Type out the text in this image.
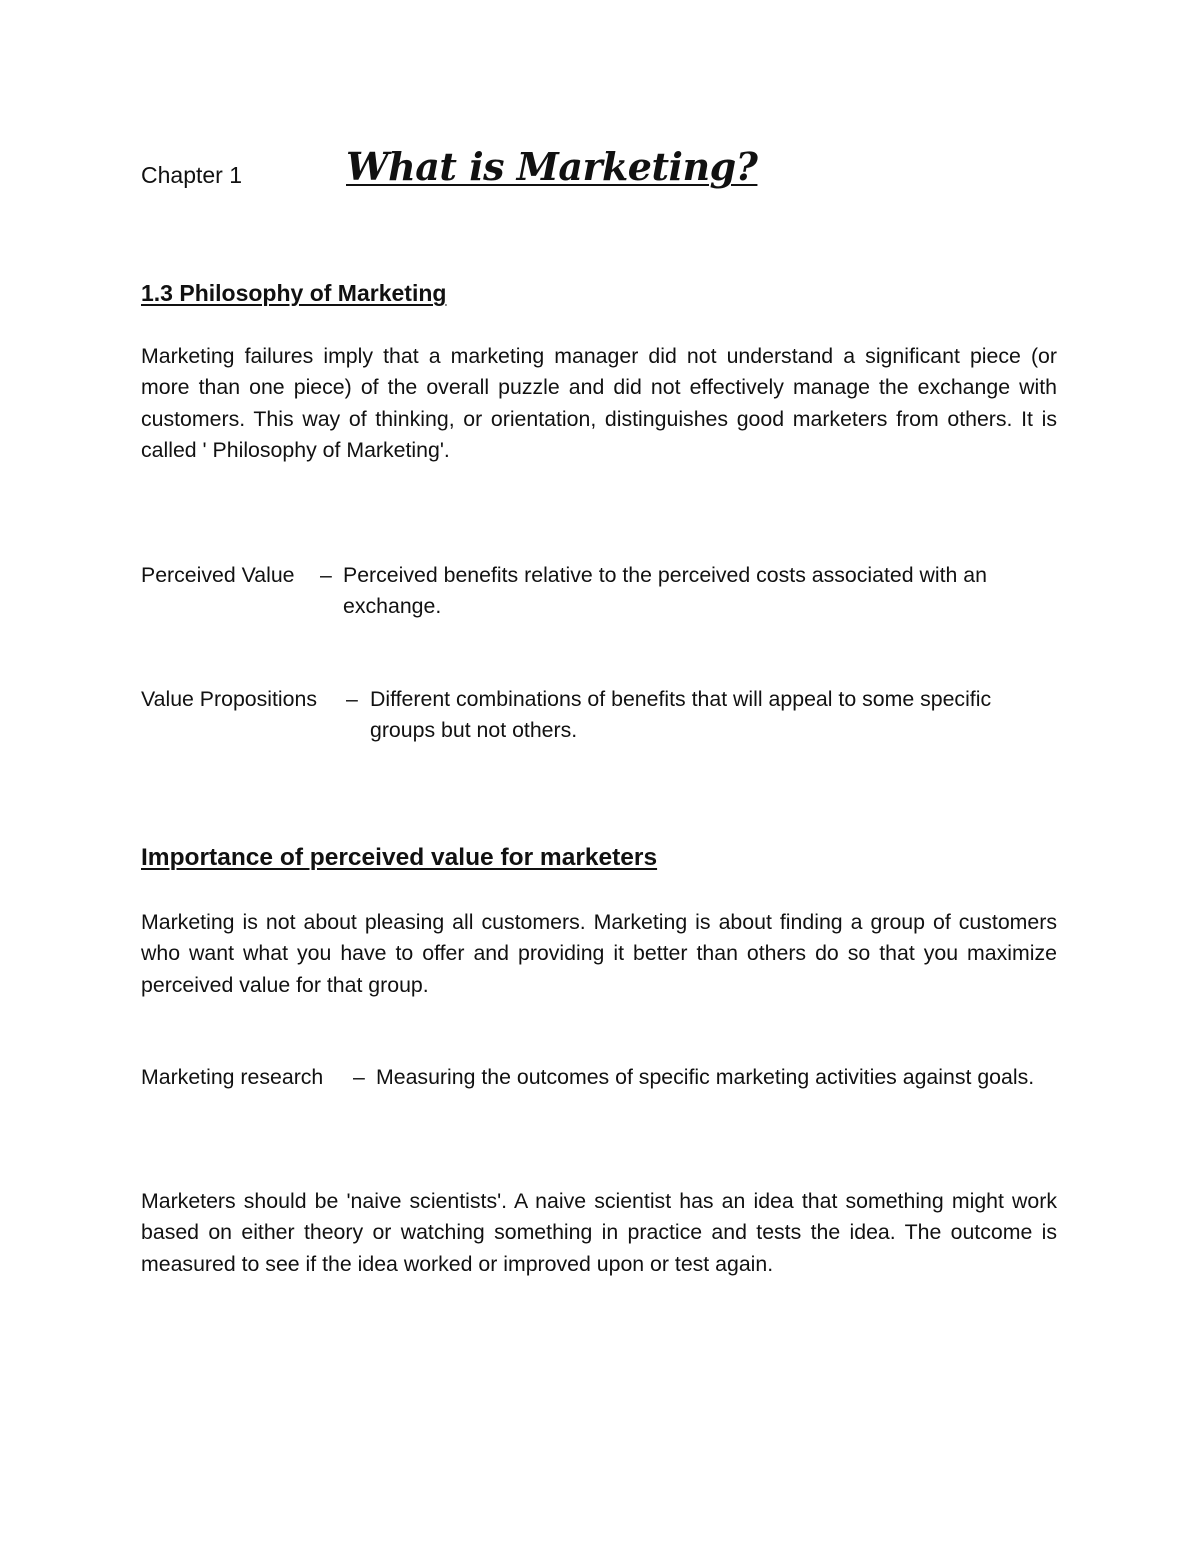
Chapter 1	What is Marketing?
1.3 Philosophy of Marketing

Marketing failures imply that a marketing manager did not understand a significant piece (or more than one piece) of the overall puzzle and did not effectively manage the exchange with customers. This way of thinking, or orientation, distinguishes good marketers from others. It is called ' Philosophy of Marketing'.

Perceived Value – Perceived benefits relative to the perceived costs associated with an exchange.

Value Propositions – Different combinations of benefits that will appeal to some specific groups but not others.

Importance of perceived value for marketers

Marketing is not about pleasing all customers. Marketing is about finding a group of customers who want what you have to offer and providing it better than others do so that you maximize perceived value for that group.

Marketing research – Measuring the outcomes of specific marketing activities against goals.

Marketers should be 'naive scientists'. A naive scientist has an idea that something might work based on either theory or watching something in practice and tests the idea. The outcome is measured to see if the idea worked or improved upon or test again.
